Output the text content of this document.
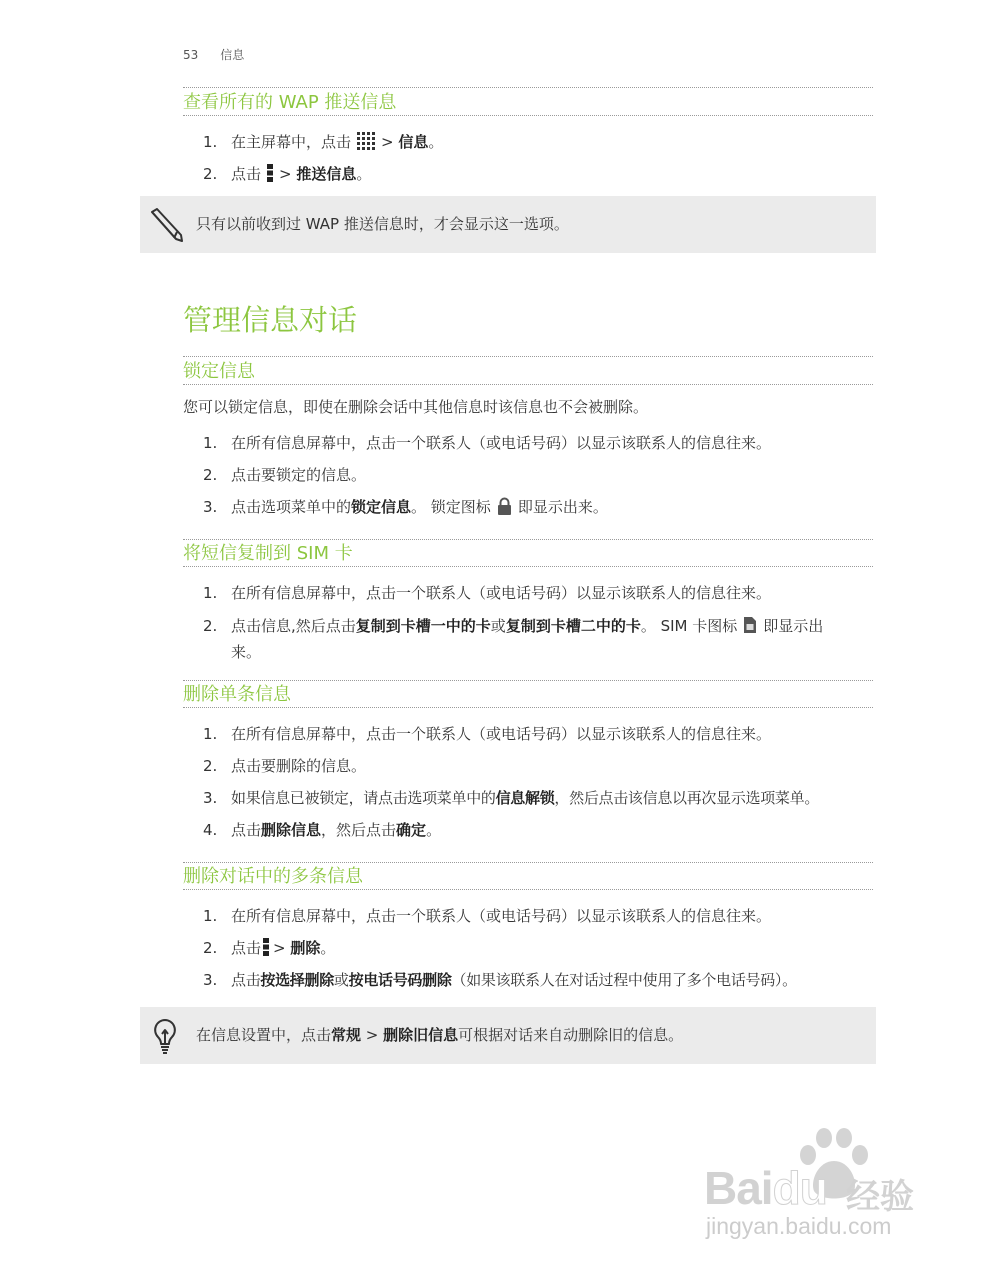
53 信息
查看所有的 WAP 推送信息
1. 在主屏幕中，点击 > 信息。
2. 点击 > 推送信息。
只有以前收到过 WAP 推送信息时，才会显示这一选项。
管理信息对话
锁定信息
您可以锁定信息，即使在删除会话中其他信息时该信息也不会被删除。
1. 在所有信息屏幕中，点击一个联系人（或电话号码）以显示该联系人的信息往来。
2. 点击要锁定的信息。
3. 点击选项菜单中的锁定信息。 锁定图标 即显示出来。
将短信复制到 SIM 卡
1. 在所有信息屏幕中，点击一个联系人（或电话号码）以显示该联系人的信息往来。
2. 点击信息,然后点击复制到卡槽一中的卡或复制到卡槽二中的卡。 SIM 卡图标 即显示出
来。
删除单条信息
1. 在所有信息屏幕中，点击一个联系人（或电话号码）以显示该联系人的信息往来。
2. 点击要删除的信息。
3. 如果信息已被锁定，请点击选项菜单中的信息解锁，然后点击该信息以再次显示选项菜单。
4. 点击删除信息，然后点击确定。
删除对话中的多条信息
1. 在所有信息屏幕中，点击一个联系人（或电话号码）以显示该联系人的信息往来。
2. 点击 > 删除。
3. 点击按选择删除或按电话号码删除（如果该联系人在对话过程中使用了多个电话号码）。
在信息设置中，点击常规 > 删除旧信息可根据对话来自动删除旧的信息。
Baidu 经验
jingyan.baidu.com
